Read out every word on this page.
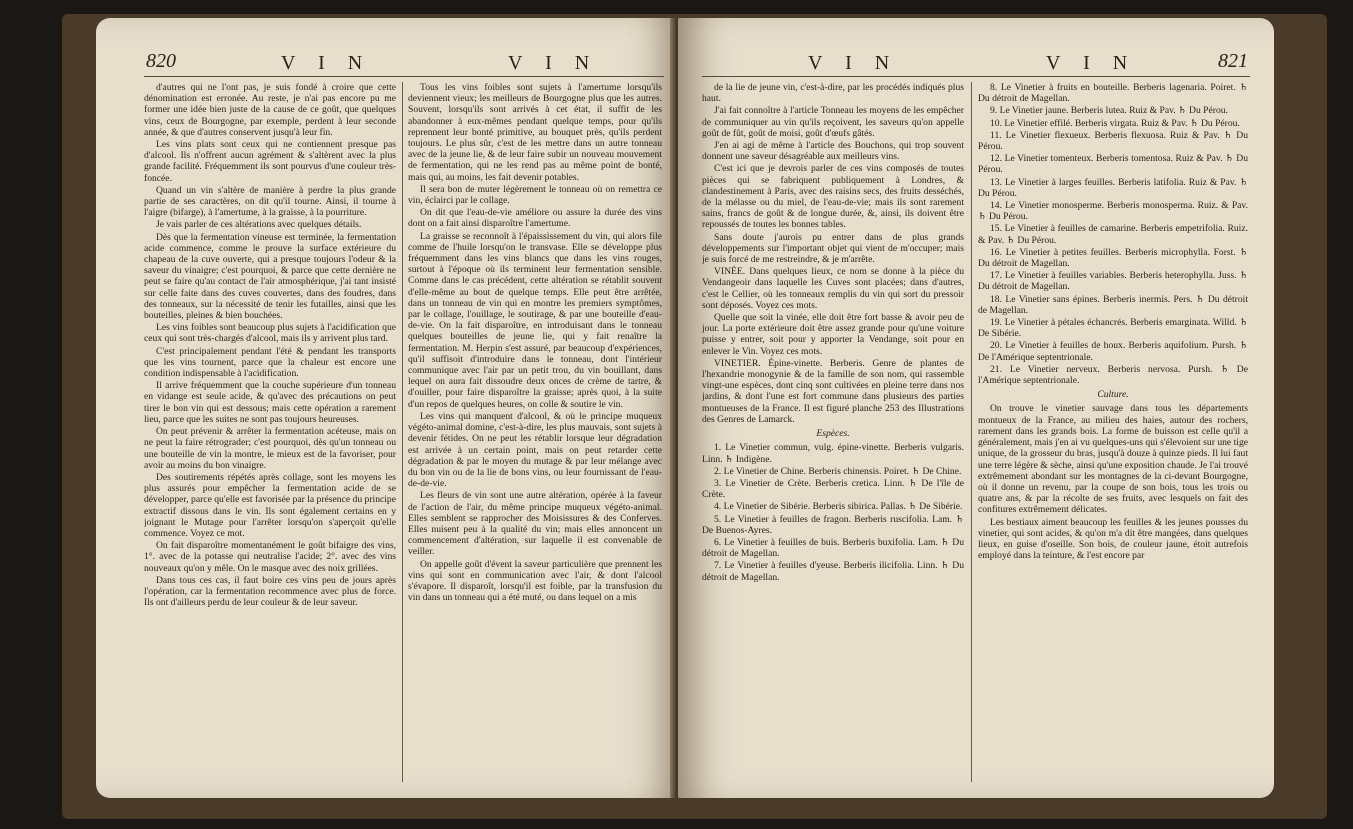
820	V I N	V I N

d'autres qui ne l'ont pas, je suis fondé à croire que cette dénomination est erronée. Au reste, je n'ai pas encore pu me former une idée bien juste de la cause de ce goût, que quelques vins, ceux de Bourgogne, par exemple, perdent à leur seconde année, & que d'autres conservent jusqu'à leur fin.

Les vins plats sont ceux qui ne contiennent presque pas d'alcool. Ils n'offrent aucun agrément & s'altèrent avec la plus grande facilité. Fréquemment ils sont pourvus d'une couleur très-foncée.

Quand un vin s'altère de manière à perdre la plus grande partie de ses caractères, on dit qu'il tourne. Ainsi, il tourne à l'aigre (bifarge), à l'amertume, à la graisse, à la pourriture.

Je vais parler de ces altérations avec quelques détails.

Dès que la fermentation vineuse est terminée, la fermentation acide commence, comme le prouve la surface extérieure du chapeau de la cuve ouverte, qui a presque toujours l'odeur & la saveur du vinaigre; c'est pourquoi, & parce que cette dernière ne peut se faire qu'au contact de l'air atmosphérique, j'ai tant insisté sur celle faite dans des cuves couvertes, dans des foudres, dans des tonneaux, sur la nécessité de tenir les futailles, ainsi que les bouteilles, pleines & bien bouchées.

Les vins foibles sont beaucoup plus sujets à l'acidification que ceux qui sont très-chargés d'alcool, mais ils y arrivent plus tard.

C'est principalement pendant l'été & pendant les transports que les vins tournent, parce que la chaleur est encore une condition indispensable à l'acidification.

Il arrive fréquemment que la couche supérieure d'un tonneau en vidange est seule acide, & qu'avec des précautions on peut tirer le bon vin qui est dessous; mais cette opération a rarement lieu, parce que les suites ne sont pas toujours heureuses.

On peut prévenir & arrêter la fermentation acéteuse, mais on ne peut la faire rétrograder; c'est pourquoi, dès qu'un tonneau ou une bouteille de vin la montre, le mieux est de la favoriser, pour avoir au moins du bon vinaigre.

Des soutirements répétés après collage, sont les moyens les plus assurés pour empêcher la fermentation acide de se développer, parce qu'elle est favorisée par la présence du principe extractif dissous dans le vin. Ils sont également certains en y joignant le Mutage pour l'arrêter lorsqu'on s'aperçoit qu'elle commence. Voyez ce mot.

On fait disparoître momentanément le goût bifaigre des vins, 1°. avec de la potasse qui neutralise l'acide; 2°. avec des vins nouveaux qu'on y mêle. On le masque avec des noix grillées.

Dans tous ces cas, il faut boire ces vins peu de jours après l'opération, car la fermentation recommence avec plus de force. Ils ont d'ailleurs perdu de leur couleur & de leur saveur.

Tous les vins foibles sont sujets à l'amertume lorsqu'ils deviennent vieux; les meilleurs de Bourgogne plus que les autres. Souvent, lorsqu'ils sont arrivés à cet état, il suffit de les abandonner à eux-mêmes pendant quelque temps, pour qu'ils reprennent leur bonté primitive, au bouquet près, qu'ils perdent toujours. Le plus sûr, c'est de les mettre dans un autre tonneau avec de la jeune lie, & de leur faire subir un nouveau mouvement de fermentation, qui ne les rend pas au même point de bonté, mais qui, au moins, les fait devenir potables.

Il sera bon de muter légèrement le tonneau où on remettra ce vin, éclairci par le collage.

On dit que l'eau-de-vie améliore ou assure la durée des vins dont on a fait ainsi disparoître l'amertume.

La graisse se reconnoît à l'épaississement du vin, qui alors file comme de l'huile lorsqu'on le transvase. Elle se développe plus fréquemment dans les vins blancs que dans les vins rouges, surtout à l'époque où ils terminent leur fermentation sensible. Comme dans le cas précédent, cette altération se rétablit souvent d'elle-même au bout de quelque temps. Elle peut être arrêtée, dans un tonneau de vin qui en montre les premiers symptômes, par le collage, l'ouillage, le soutirage, & par une bouteille d'eau-de-vie. On la fait disparoître, en introduisant dans le tonneau quelques bouteilles de jeune lie, qui y fait renaître la fermentation. M. Herpin s'est assuré, par beaucoup d'expériences, qu'il suffisoit d'introduire dans le tonneau, dont l'intérieur communique avec l'air par un petit trou, du vin bouillant, dans lequel on aura fait dissoudre deux onces de crème de tartre, & d'ouiller, pour faire disparoître la graisse; après quoi, à la suite d'un repos de quelques heures, on colle & soutire le vin.

Les vins qui manquent d'alcool, & où le principe muqueux végéto-animal domine, c'est-à-dire, les plus mauvais, sont sujets à devenir fétides. On ne peut les rétablir lorsque leur dégradation est arrivée à un certain point, mais on peut retarder cette dégradation & par le moyen du mutage & par leur mélange avec du bon vin ou de la lie de bons vins, ou leur fournissant de l'eau-de-de-vie.

Les fleurs de vin sont une autre altération, opérée à la faveur de l'action de l'air, du même principe muqueux végéto-animal. Elles semblent se rapprocher des Moisissures & des Conferves. Elles nuisent peu à la qualité du vin; mais elles annoncent un commencement d'altération, sur laquelle il est convenable de veiller.

On appelle goût d'évent la saveur particulière que prennent les vins qui sont en communication avec l'air, & dont l'alcool s'évapore. Il disparoît, lorsqu'il est foible, par la transfusion du vin dans un tonneau qui a été muté, ou dans lequel on a mis

V I N	V I N	821

de la lie de jeune vin, c'est-à-dire, par les procédés indiqués plus haut.

J'ai fait connoître à l'article Tonneau les moyens de les empêcher de communiquer au vin qu'ils reçoivent, les saveurs qu'on appelle goût de fût, goût de moisi, goût d'œufs gâtés.

J'en ai agi de même à l'article des Bouchons, qui trop souvent donnent une saveur désagréable aux meilleurs vins.

C'est ici que je devrois parler de ces vins composés de toutes pièces qui se fabriquent publiquement à Londres, & clandestinement à Paris, avec des raisins secs, des fruits desséchés, de la mélasse ou du miel, de l'eau-de-vie; mais ils sont rarement sains, francs de goût & de longue durée, &, ainsi, ils doivent être repoussés de toutes les bonnes tables.

Sans doute j'aurois pu entrer dans de plus grands développements sur l'important objet qui vient de m'occuper; mais je suis forcé de me restreindre, & je m'arrête.

VINÉE. Dans quelques lieux, ce nom se donne à la pièce du Vendangeoir dans laquelle les Cuves sont placées; dans d'autres, c'est le Cellier, où les tonneaux remplis du vin qui sort du pressoir sont déposés. Voyez ces mots.

Quelle que soit la vinée, elle doit être fort basse & avoir peu de jour. La porte extérieure doit être assez grande pour qu'une voiture puisse y entrer, soit pour y apporter la Vendange, soit pour en enlever le Vin. Voyez ces mots.

VINETIER. Épine-vinette. Berberis. Genre de plantes de l'hexandrie monogynie & de la famille de son nom, qui rassemble vingt-une espèces, dont cinq sont cultivées en pleine terre dans nos jardins, & dont l'une est fort commune dans plusieurs des parties montueuses de la France. Il est figuré planche 253 des Illustrations des Genres de Lamarck.

Espèces.

1. Le Vinetier commun, vulg. épine-vinette. Berberis vulgaris. Linn. ♄ Indigène.

2. Le Vinetier de Chine. Berberis chinensis. Poiret. ♄ De Chine.

3. Le Vinetier de Crète. Berberis cretica. Linn. ♄ De l'île de Crète.

4. Le Vinetier de Sibérie. Berberis sibirica. Pallas. ♄ De Sibérie.

5. Le Vinetier à feuilles de fragon. Berberis ruscifolia. Lam. ♄ De Buenos-Ayres.

6. Le Vinetier à feuilles de buis. Berberis buxifolia. Lam. ♄ Du détroit de Magellan.

7. Le Vinetier à feuilles d'yeuse. Berberis ilicifolia. Linn. ♄ Du détroit de Magellan.

8. Le Vinetier à fruits en bouteille. Berberis lagenaria. Poiret. ♄ Du détroit de Magellan.

9. Le Vinetier jaune. Berberis lutea. Ruiz & Pav. ♄ Du Pérou.

10. Le Vinetier effilé. Berberis virgata. Ruiz & Pav. ♄ Du Pérou.

11. Le Vinetier flexueux. Berberis flexuosa. Ruiz & Pav. ♄ Du Pérou.

12. Le Vinetier tomenteux. Berberis tomentosa. Ruiz & Pav. ♄ Du Pérou.

13. Le Vinetier à larges feuilles. Berberis latifolia. Ruiz & Pav. ♄ Du Pérou.

14. Le Vinetier monosperme. Berberis monosperma. Ruiz. & Pav. ♄ Du Pérou.

15. Le Vinetier à feuilles de camarine. Berberis empetrifolia. Ruiz. & Pav. ♄ Du Pérou.

16. Le Vinetier à petites feuilles. Berberis microphylla. Forst. ♄ Du détroit de Magellan.

17. Le Vinetier à feuilles variables. Berberis heterophylla. Juss. ♄ Du détroit de Magellan.

18. Le Vinetier sans épines. Berberis inermis. Pers. ♄ Du détroit de Magellan.

19. Le Vinetier à pétales échancrés. Berberis emarginata. Willd. ♄ De Sibérie.

20. Le Vinetier à feuilles de houx. Berberis aquifolium. Pursh. ♄ De l'Amérique septentrionale.

21. Le Vinetier nerveux. Berberis nervosa. Pursh. ♄ De l'Amérique septentrionale.

Culture.

On trouve le vinetier sauvage dans tous les départements montueux de la France, au milieu des haies, autour des rochers, rarement dans les grands bois. La forme de buisson est celle qu'il a généralement, mais j'en ai vu quelques-uns qui s'élevoient sur une tige unique, de la grosseur du bras, jusqu'à douze à quinze pieds. Il lui faut une terre légère & sèche, ainsi qu'une exposition chaude. Je l'ai trouvé extrêmement abondant sur les montagnes de la ci-devant Bourgogne, où il donne un revenu, par la coupe de son bois, tous les trois ou quatre ans, & par la récolte de ses fruits, avec lesquels on fait des confitures extrêmement délicates.

Les bestiaux aiment beaucoup les feuilles & les jeunes pousses du vinetier, qui sont acides, & qu'on m'a dit être mangées, dans quelques lieux, en guise d'oseille. Son bois, de couleur jaune, étoit autrefois employé dans la teinture, & l'est encore par
